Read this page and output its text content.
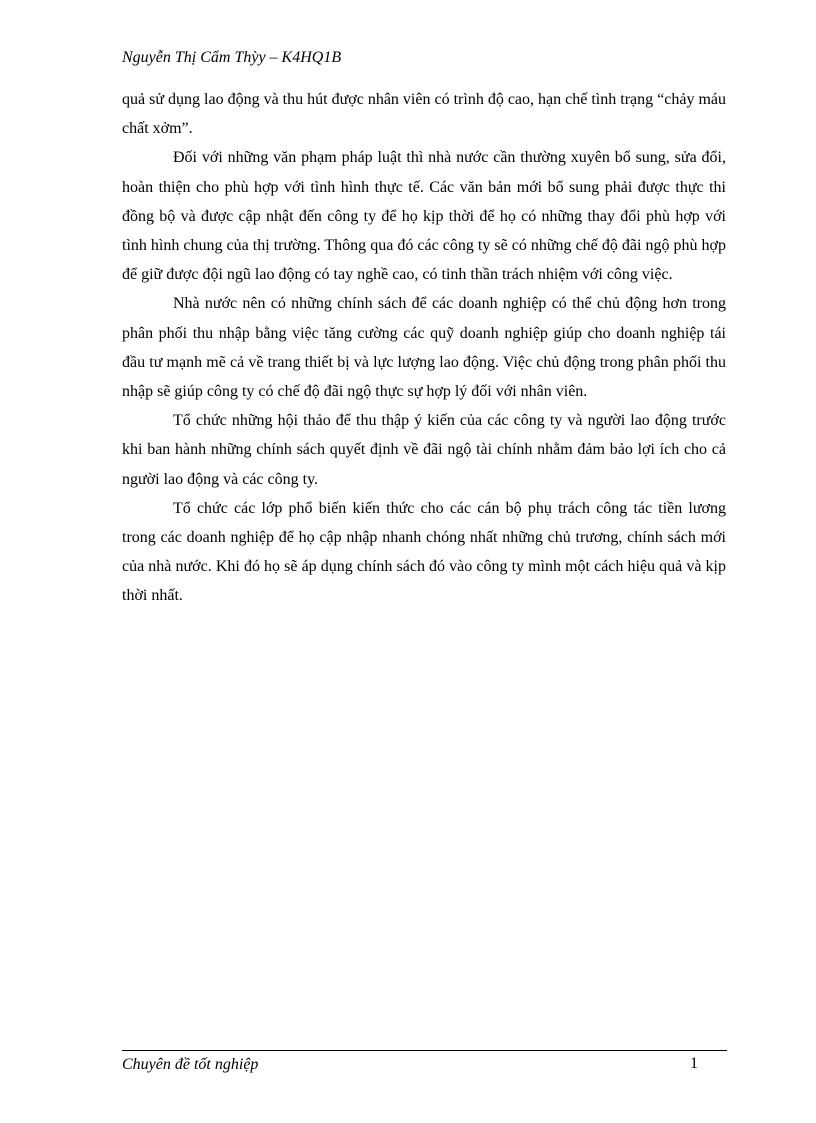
Nguyễn Thị Cẩm Thỳy – K4HQ1B

quả sử dụng lao động và thu hút được nhân viên có trình độ cao, hạn chế tình trạng “chảy máu chất xởm”.

Đối với những văn phạm pháp luật thì nhà nước cần thường xuyên bổ sung, sửa đổi, hoàn thiện cho phù hợp với tình hình thực tế. Các văn bản mới bổ sung phải được thực thi đồng bộ và được cập nhật đến công ty để họ kịp thời để họ có những thay đổi phù hợp với tình hình chung của thị trường. Thông qua đó các công ty sẽ có những chế độ đãi ngộ phù hợp để giữ được đội ngũ lao động có tay nghề cao, có tinh thần trách nhiệm với công việc.

Nhà nước nên có những chính sách để các doanh nghiệp có thể chủ động hơn trong phân phối thu nhập bằng việc tăng cường các quỹ doanh nghiệp giúp cho doanh nghiệp tái đầu tư mạnh mẽ cả về trang thiết bị và lực lượng lao động. Việc chủ động trong phân phối thu nhập sẽ giúp công ty có chế độ đãi ngộ thực sự hợp lý đối với nhân viên.

Tổ chức những hội thảo để thu thập ý kiến của các công ty và người lao động trước khi ban hành những chính sách quyết định về đãi ngộ tài chính nhằm đảm bảo lợi ích cho cả người lao động và các công ty.

Tổ chức các lớp phổ biến kiến thức cho các cán bộ phụ trách công tác tiền lương trong các doanh nghiệp để họ cập nhập nhanh chóng nhất những chủ trương, chính sách mới của nhà nước. Khi đó họ sẽ áp dụng chính sách đó vào công ty mình một cách hiệu quả và kịp thời nhất.

Chuyên đề tốt nghiệp	1
